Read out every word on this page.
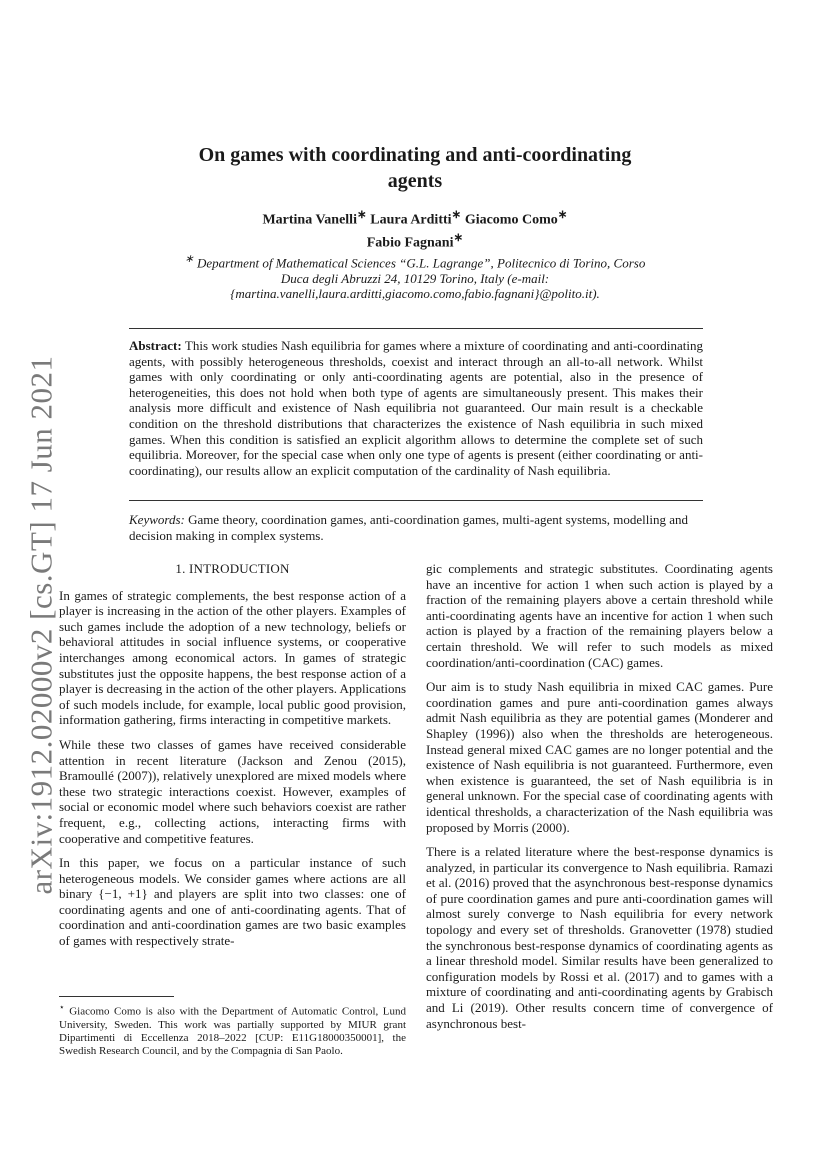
arXiv:1912.02000v2 [cs.GT] 17 Jun 2021
On games with coordinating and anti-coordinating agents
Martina Vanelli∗ Laura Arditti∗ Giacomo Como∗
Fabio Fagnani∗
∗ Department of Mathematical Sciences “G.L. Lagrange”, Politecnico di Torino, Corso Duca degli Abruzzi 24, 10129 Torino, Italy (e-mail: {martina.vanelli,laura.arditti,giacomo.como,fabio.fagnani}@polito.it).

Abstract: This work studies Nash equilibria for games where a mixture of coordinating and anti-coordinating agents, with possibly heterogeneous thresholds, coexist and interact through an all-to-all network. Whilst games with only coordinating or only anti-coordinating agents are potential, also in the presence of heterogeneities, this does not hold when both type of agents are simultaneously present. This makes their analysis more difficult and existence of Nash equilibria not guaranteed. Our main result is a checkable condition on the threshold distributions that characterizes the existence of Nash equilibria in such mixed games. When this condition is satisfied an explicit algorithm allows to determine the complete set of such equilibria. Moreover, for the special case when only one type of agents is present (either coordinating or anti-coordinating), our results allow an explicit computation of the cardinality of Nash equilibria.

Keywords: Game theory, coordination games, anti-coordination games, multi-agent systems, modelling and decision making in complex systems.

1. INTRODUCTION

In games of strategic complements, the best response action of a player is increasing in the action of the other players. Examples of such games include the adoption of a new technology, beliefs or behavioral attitudes in social influence systems, or cooperative interchanges among economical actors. In games of strategic substitutes just the opposite happens, the best response action of a player is decreasing in the action of the other players. Applications of such models include, for example, local public good provision, information gathering, firms interacting in competitive markets.

While these two classes of games have received considerable attention in recent literature (Jackson and Zenou (2015), Bramoullé (2007)), relatively unexplored are mixed models where these two strategic interactions coexist. However, examples of social or economic model where such behaviors coexist are rather frequent, e.g., collecting actions, interacting firms with cooperative and competitive features.

In this paper, we focus on a particular instance of such heterogeneous models. We consider games where actions are all binary {−1, +1} and players are split into two classes: one of coordinating agents and one of anti-coordinating agents. That of coordination and anti-coordination games are two basic examples of games with respectively strate-

gic complements and strategic substitutes. Coordinating agents have an incentive for action 1 when such action is played by a fraction of the remaining players above a certain threshold while anti-coordinating agents have an incentive for action 1 when such action is played by a fraction of the remaining players below a certain threshold. We will refer to such models as mixed coordination/anti-coordination (CAC) games.

Our aim is to study Nash equilibria in mixed CAC games. Pure coordination games and pure anti-coordination games always admit Nash equilibria as they are potential games (Monderer and Shapley (1996)) also when the thresholds are heterogeneous. Instead general mixed CAC games are no longer potential and the existence of Nash equilibria is not guaranteed. Furthermore, even when existence is guaranteed, the set of Nash equilibria is in general unknown. For the special case of coordinating agents with identical thresholds, a characterization of the Nash equilibria was proposed by Morris (2000).

There is a related literature where the best-response dynamics is analyzed, in particular its convergence to Nash equilibria. Ramazi et al. (2016) proved that the asynchronous best-response dynamics of pure coordination games and pure anti-coordination games will almost surely converge to Nash equilibria for every network topology and every set of thresholds. Granovetter (1978) studied the synchronous best-response dynamics of coordinating agents as a linear threshold model. Similar results have been generalized to configuration models by Rossi et al. (2017) and to games with a mixture of coordinating and anti-coordinating agents by Grabisch and Li (2019). Other results concern time of convergence of asynchronous best-

⋆ Giacomo Como is also with the Department of Automatic Control, Lund University, Sweden. This work was partially supported by MIUR grant Dipartimenti di Eccellenza 2018–2022 [CUP: E11G18000350001], the Swedish Research Council, and by the Compagnia di San Paolo.
